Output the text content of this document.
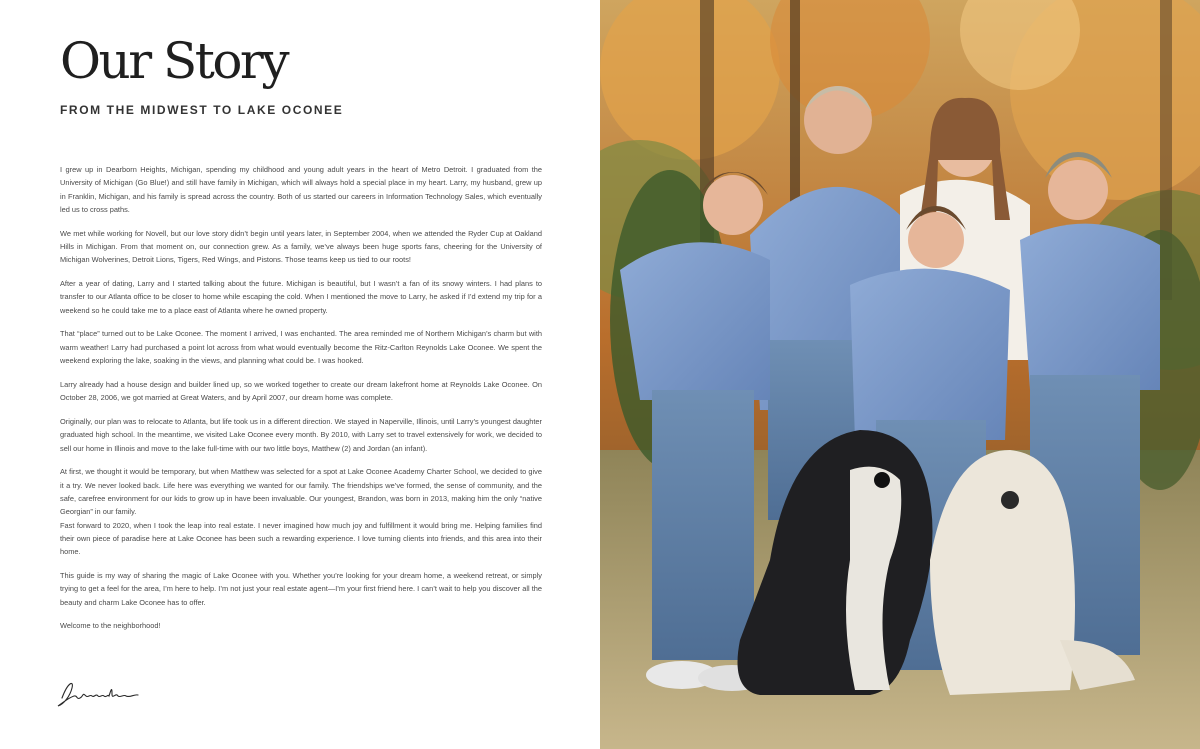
Our Story
FROM THE MIDWEST TO LAKE OCONEE

I grew up in Dearborn Heights, Michigan, spending my childhood and young adult years in the heart of Metro Detroit. I graduated from the University of Michigan (Go Blue!) and still have family in Michigan, which will always hold a special place in my heart. Larry, my husband, grew up in Franklin, Michigan, and his family is spread across the country. Both of us started our careers in Information Technology Sales, which eventually led us to cross paths.

We met while working for Novell, but our love story didn’t begin until years later, in September 2004, when we attended the Ryder Cup at Oakland Hills in Michigan. From that moment on, our connection grew. As a family, we’ve always been huge sports fans, cheering for the University of Michigan Wolverines, Detroit Lions, Tigers, Red Wings, and Pistons. Those teams keep us tied to our roots!

After a year of dating, Larry and I started talking about the future. Michigan is beautiful, but I wasn’t a fan of its snowy winters. I had plans to transfer to our Atlanta office to be closer to home while escaping the cold. When I mentioned the move to Larry, he asked if I’d extend my trip for a weekend so he could take me to a place east of Atlanta where he owned property.

That “place” turned out to be Lake Oconee. The moment I arrived, I was enchanted. The area reminded me of Northern Michigan’s charm but with warm weather! Larry had purchased a point lot across from what would eventually become the Ritz-Carlton Reynolds Lake Oconee. We spent the weekend exploring the lake, soaking in the views, and planning what could be. I was hooked.

Larry already had a house design and builder lined up, so we worked together to create our dream lakefront home at Reynolds Lake Oconee. On October 28, 2006, we got married at Great Waters, and by April 2007, our dream home was complete.

Originally, our plan was to relocate to Atlanta, but life took us in a different direction. We stayed in Naperville, Illinois, until Larry’s youngest daughter graduated high school. In the meantime, we visited Lake Oconee every month. By 2010, with Larry set to travel extensively for work, we decided to sell our home in Illinois and move to the lake full-time with our two little boys, Matthew (2) and Jordan (an infant).

At first, we thought it would be temporary, but when Matthew was selected for a spot at Lake Oconee Academy Charter School, we decided to give it a try. We never looked back. Life here was everything we wanted for our family. The friendships we’ve formed, the sense of community, and the safe, carefree environment for our kids to grow up in have been invaluable. Our youngest, Brandon, was born in 2013, making him the only “native Georgian” in our family.

Fast forward to 2020, when I took the leap into real estate. I never imagined how much joy and fulfillment it would bring me. Helping families find their own piece of paradise here at Lake Oconee has been such a rewarding experience. I love turning clients into friends, and this area into their home.

This guide is my way of sharing the magic of Lake Oconee with you. Whether you’re looking for your dream home, a weekend retreat, or simply trying to get a feel for the area, I’m here to help. I’m not just your real estate agent—I’m your first friend here. I can’t wait to help you discover all the beauty and charm Lake Oconee has to offer.

Welcome to the neighborhood!
